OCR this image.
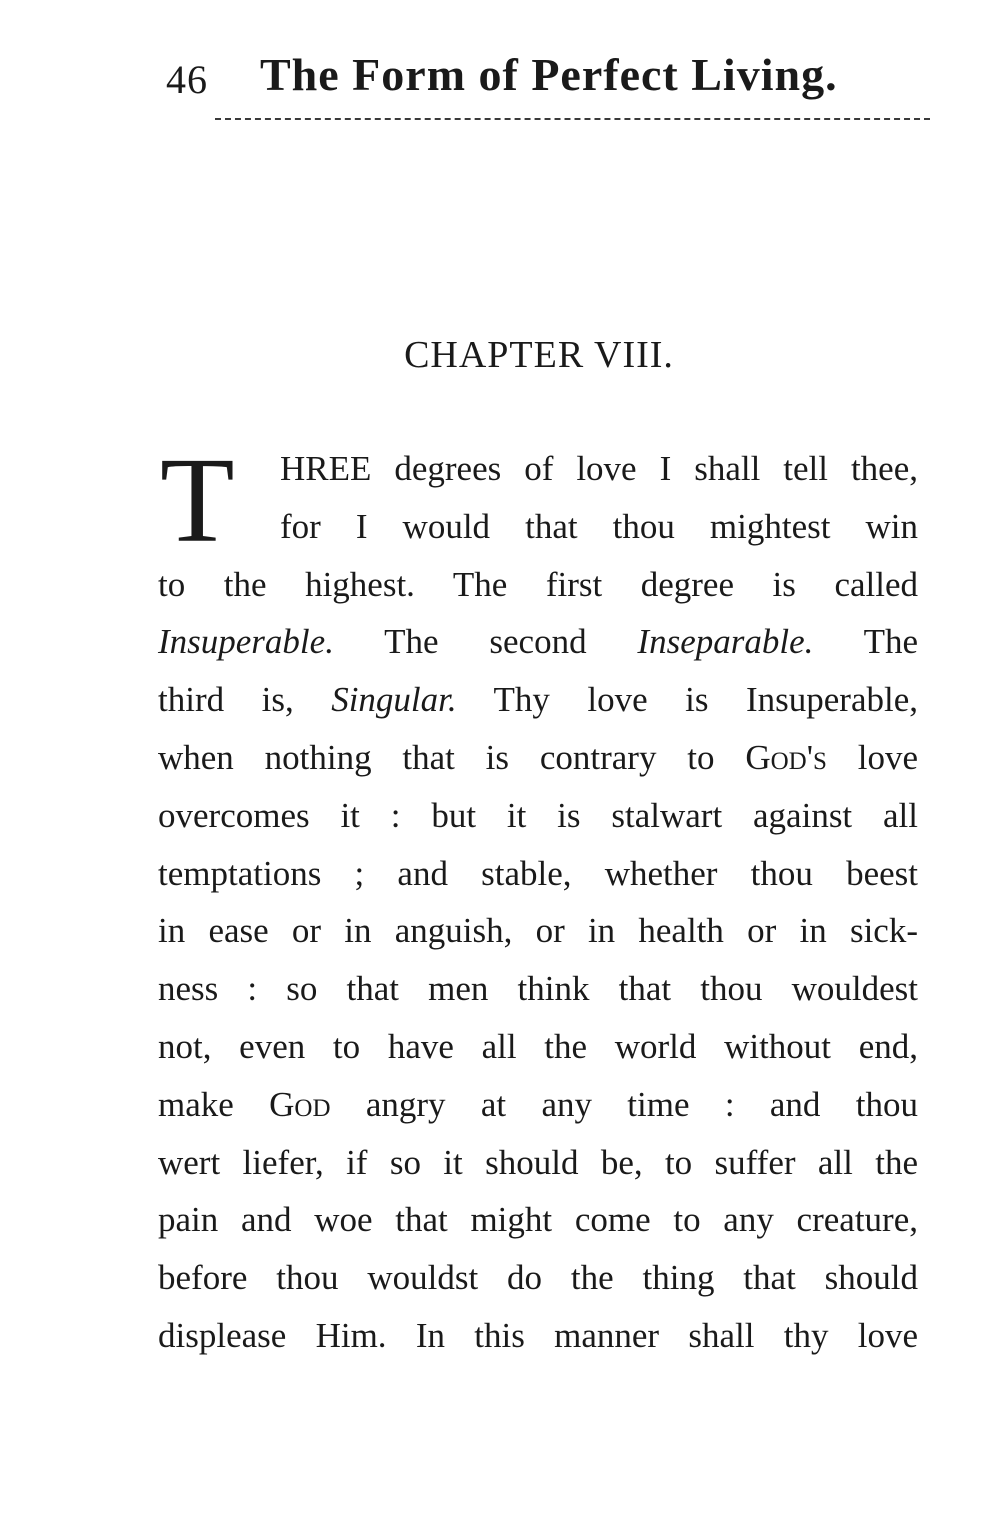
46 The Form of Perfect Living.
CHAPTER VIII.
T	HREE degrees of love I shall tell thee,
for I would that thou mightest win
to the highest. The first degree is called
Insuperable. The second Inseparable. The
third is, Singular. Thy love is Insuperable,
when nothing that is contrary to God's love
overcomes it : but it is stalwart against all
temptations ; and stable, whether thou beest
in ease or in anguish, or in health or in sick-
ness : so that men think that thou wouldest
not, even to have all the world without end,
make God angry at any time : and thou
wert liefer, if so it should be, to suffer all the
pain and woe that might come to any creature,
before thou wouldst do the thing that should
displease Him. In this manner shall thy love
